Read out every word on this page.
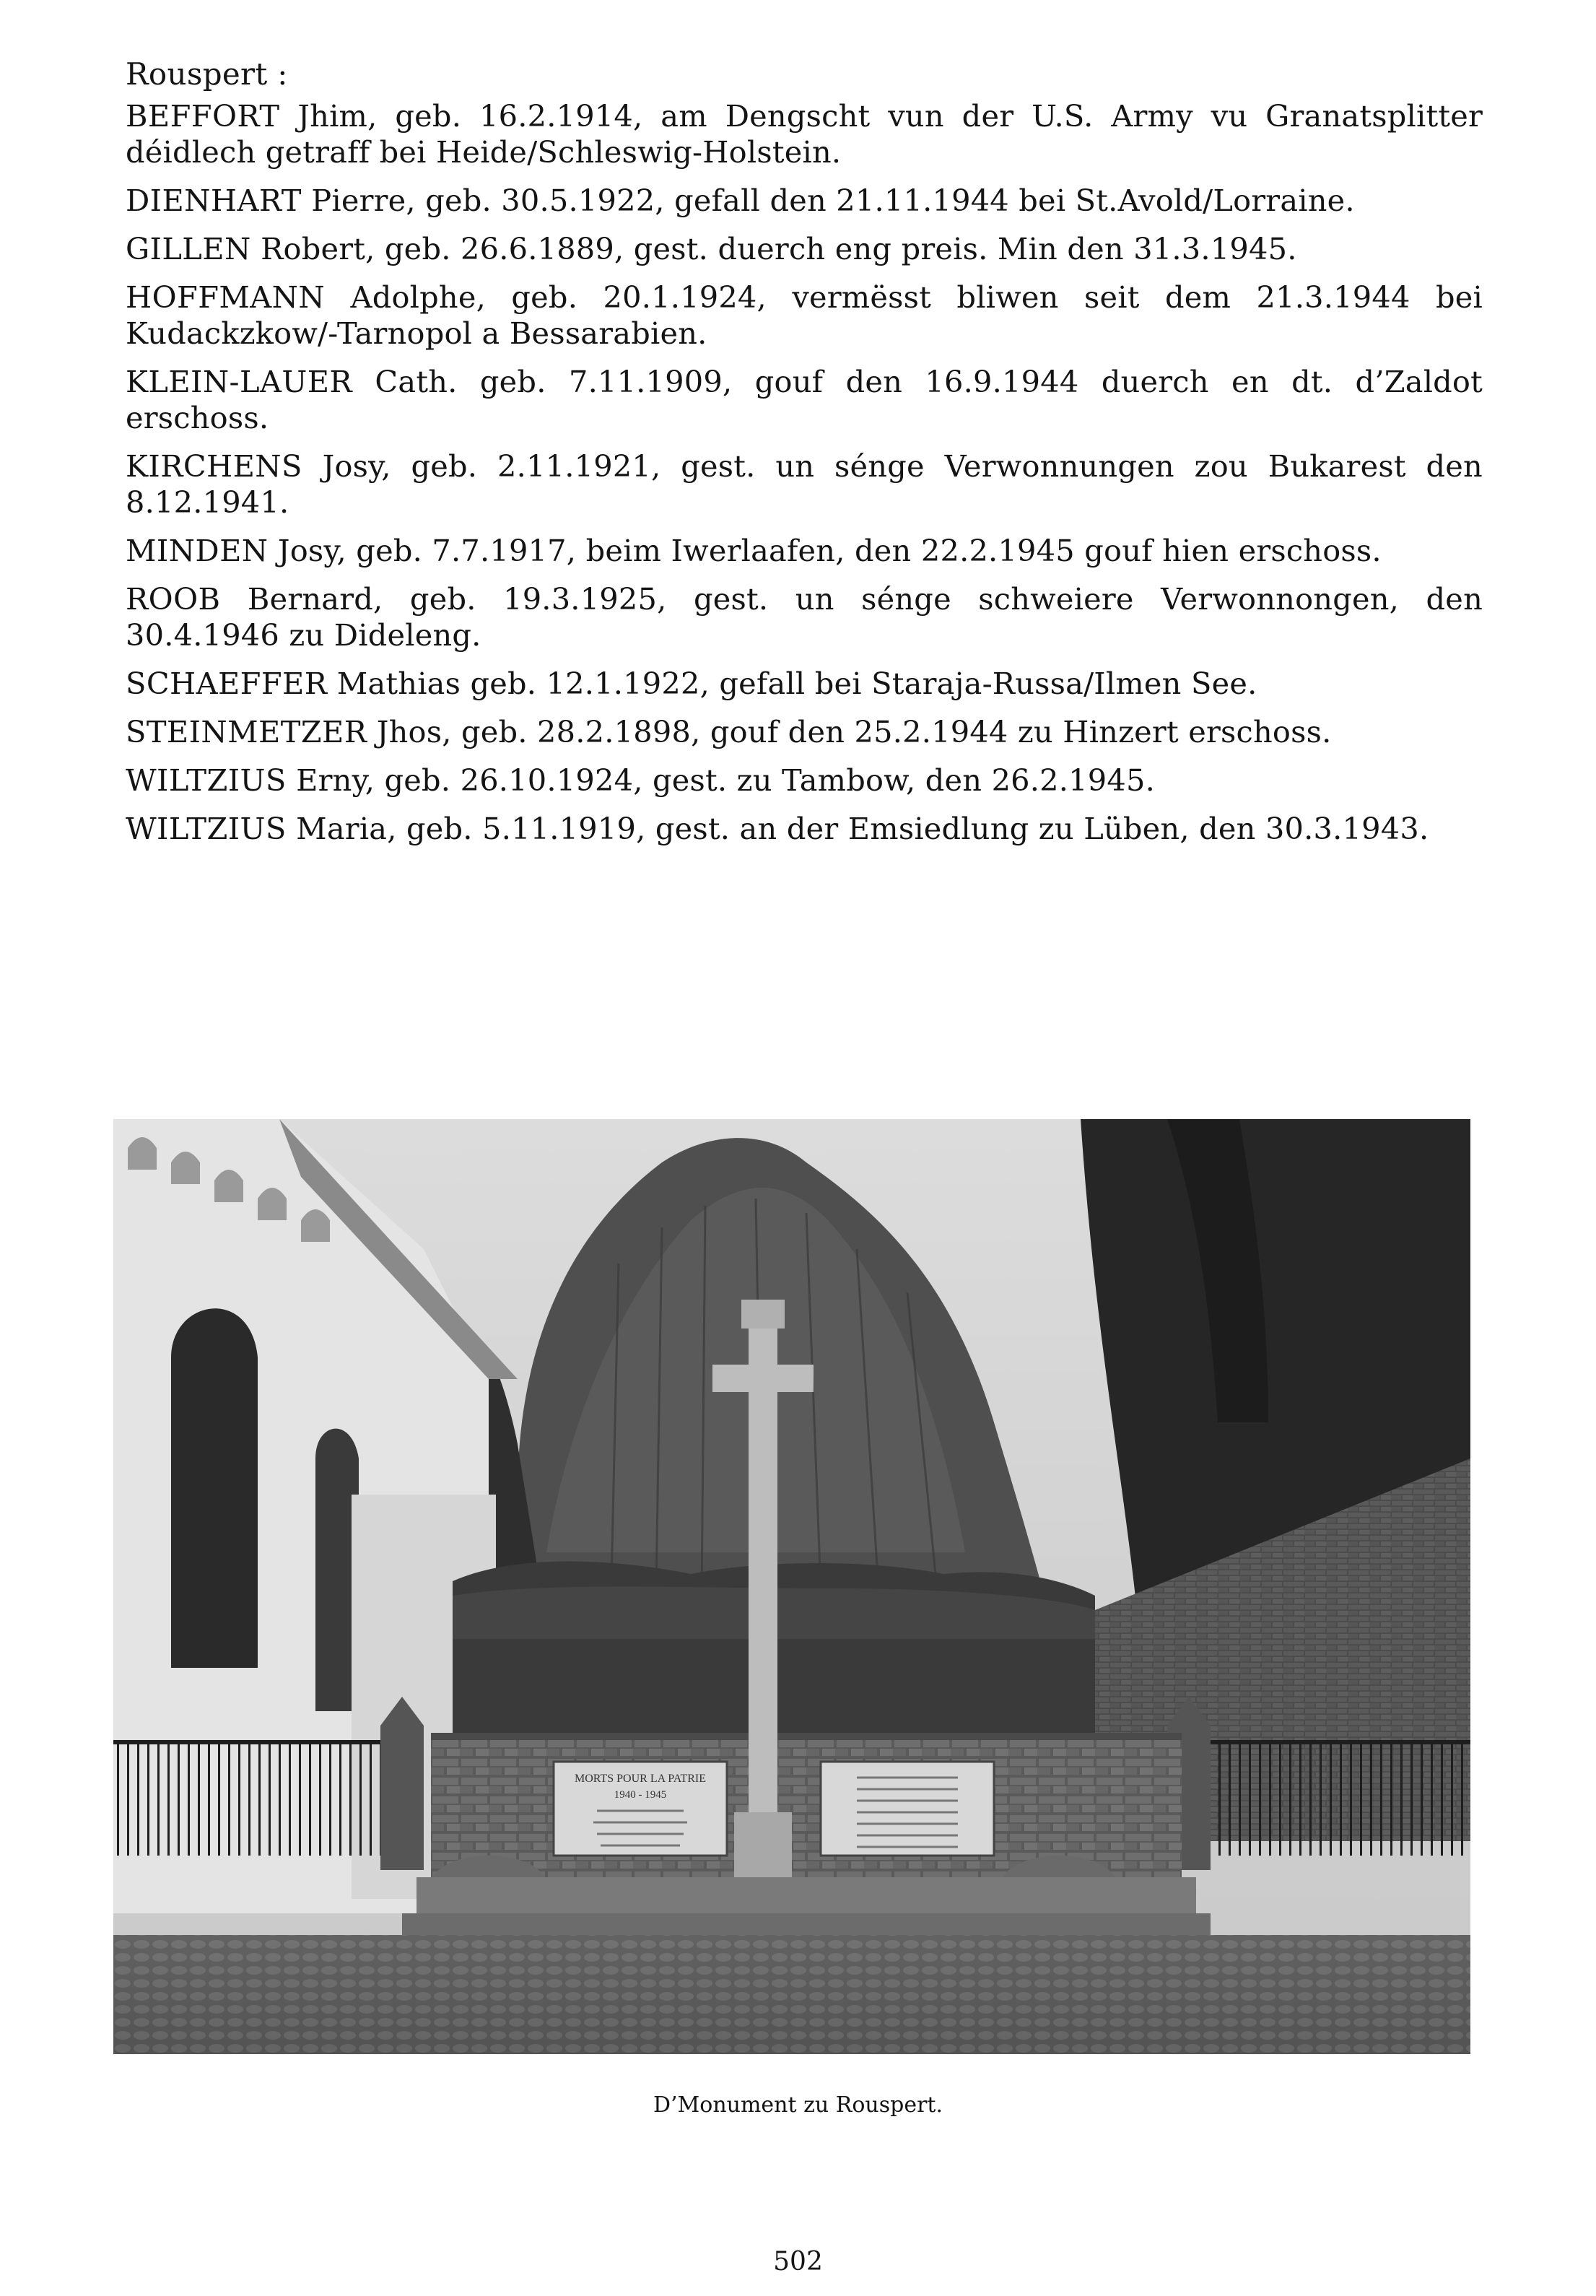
Rouspert :

BEFFORT Jhim, geb. 16.2.1914, am Dengscht vun der U.S. Army vu Granatsplitter déidlech getraff bei Heide/Schleswig-Holstein.
DIENHART Pierre, geb. 30.5.1922, gefall den 21.11.1944 bei St.Avold/Lorraine.
GILLEN Robert, geb. 26.6.1889, gest. duerch eng preis. Min den 31.3.1945.
HOFFMANN Adolphe, geb. 20.1.1924, vermësst bliwen seit dem 21.3.1944 bei Kudackzkow/-Tarnopol a Bessarabien.
KLEIN-LAUER Cath. geb. 7.11.1909, gouf den 16.9.1944 duerch en dt. d’Zaldot erschoss.
KIRCHENS Josy, geb. 2.11.1921, gest. un sénge Verwonnungen zou Bukarest den 8.12.1941.
MINDEN Josy, geb. 7.7.1917, beim Iwerlaafen, den 22.2.1945 gouf hien erschoss.
ROOB Bernard, geb. 19.3.1925, gest. un sénge schweiere Verwonnongen, den 30.4.1946 zu Dideleng.
SCHAEFFER Mathias geb. 12.1.1922, gefall bei Staraja-Russa/Ilmen See.
STEINMETZER Jhos, geb. 28.2.1898, gouf den 25.2.1944 zu Hinzert erschoss.
WILTZIUS Erny, geb. 26.10.1924, gest. zu Tambow, den 26.2.1945.
WILTZIUS Maria, geb. 5.11.1919, gest. an der Emsiedlung zu Lüben, den 30.3.1943.
MORTS POUR LA PATRIE
1940 - 1945
D’Monument zu Rouspert.
502
